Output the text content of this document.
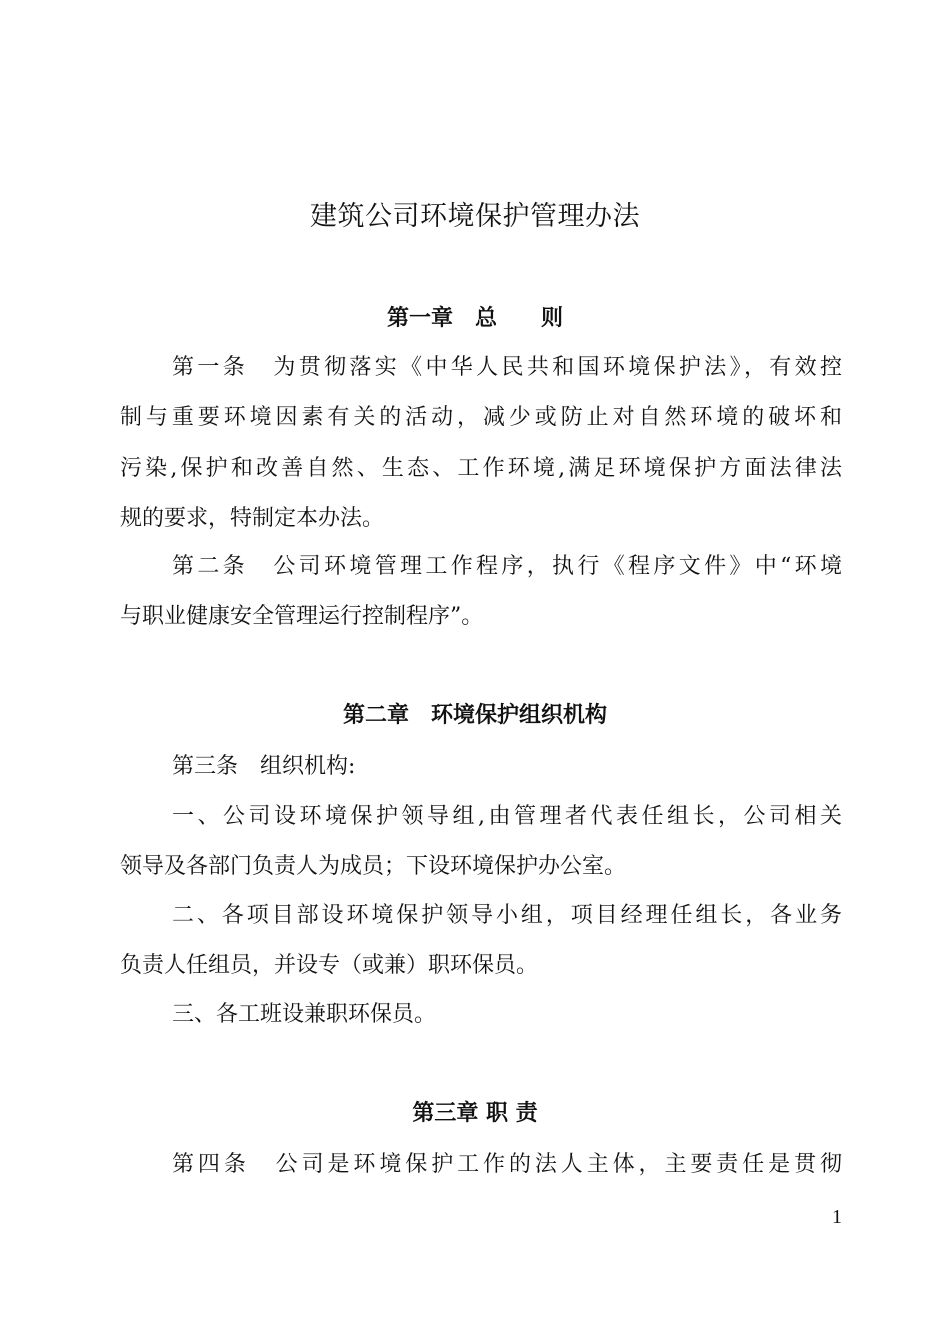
建筑公司环境保护管理办法
第一章　总　　则
第一条　为贯彻落实《中华人民共和国环境保护法》，有效控
制与重要环境因素有关的活动，减少或防止对自然环境的破坏和
污染,保护和改善自然、生态、工作环境,满足环境保护方面法律法
规的要求，特制定本办法。
第二条　公司环境管理工作程序，执行《程序文件》中“环境
与职业健康安全管理运行控制程序”。
第二章　环境保护组织机构
第三条　组织机构:
一、公司设环境保护领导组,由管理者代表任组长，公司相关
领导及各部门负责人为成员；下设环境保护办公室。
二、各项目部设环境保护领导小组，项目经理任组长，各业务
负责人任组员，并设专（或兼）职环保员。
三、各工班设兼职环保员。
第三章 职 责
第四条　公司是环境保护工作的法人主体，主要责任是贯彻
1
